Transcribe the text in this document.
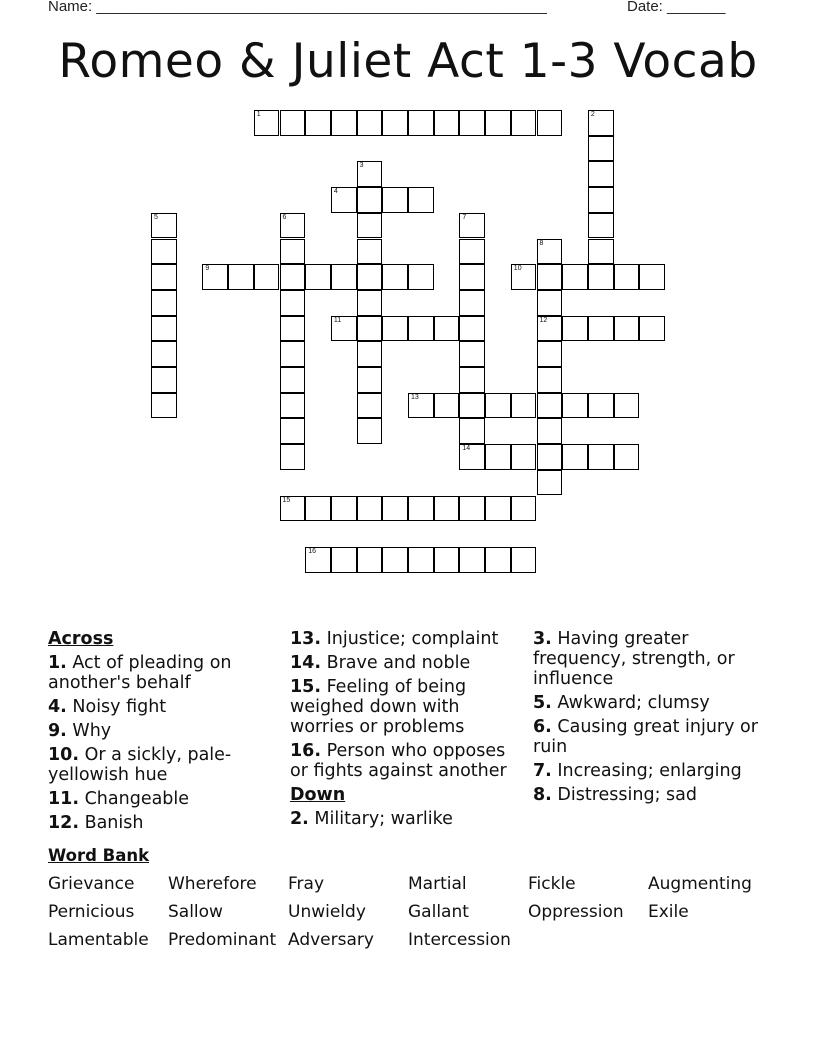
Name: ______________________________________________________	Date: _______
Romeo & Juliet Act 1-3 Vocab
1	2
3
4
5	6	7
8
9	10
11	12
13
14
15
16
Across
1. Act of pleading on another's behalf
4. Noisy fight
9. Why
10. Or a sickly, pale-yellowish hue
11. Changeable
12. Banish
13. Injustice; complaint
14. Brave and noble
15. Feeling of being weighed down with worries or problems
16. Person who opposes or fights against another
Down
2. Military; warlike
3. Having greater frequency, strength, or influence
5. Awkward; clumsy
6. Causing great injury or ruin
7. Increasing; enlarging
8. Distressing; sad
Word Bank
Grievance Wherefore Fray	Martial	Fickle	Augmenting
Pernicious Sallow	Unwieldy Gallant	Oppression Exile
Lamentable Predominant Adversary Intercession
